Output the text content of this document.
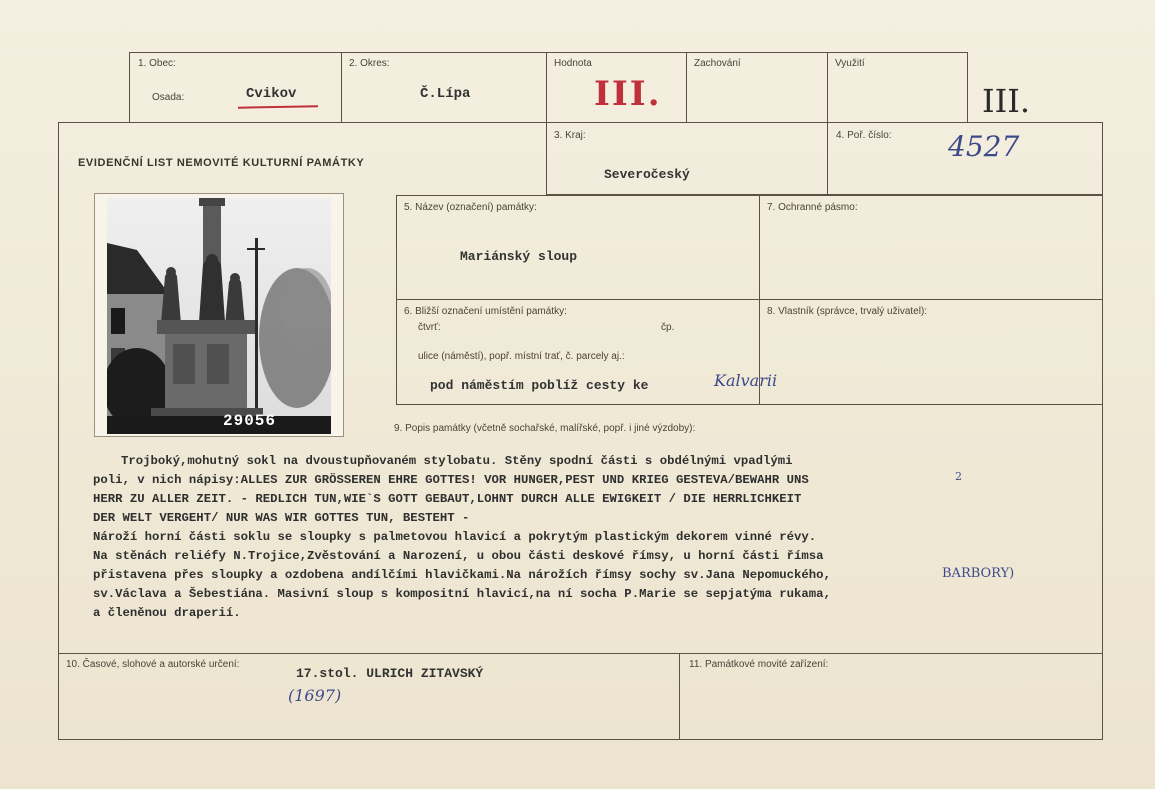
1. Obec:
Osada:	Cvikov
2. Okres:
Č.Lípa
Hodnota
III.
Zachování	Využití
III.
EVIDENČNÍ LIST NEMOVITÉ KULTURNÍ PAMÁTKY
3. Kraj:
Severočeský
4. Poř. číslo: 4527
29056
5. Název (označení) památky:
Mariánský sloup
7. Ochranné pásmo:
6. Bližší označení umístění památky:
čtvrť:	čp.
ulice (náměstí), popř. místní trať, č. parcely aj.:
pod náměstím poblíž cesty ke	Kalvarii
8. Vlastník (správce, trvalý uživatel):
9. Popis památky (včetně sochařské, malířské, popř. i jiné výzdoby):
BARBORY)
2
Trojboký,mohutný sokl na dvoustupňovaném stylobatu. Stěny spodní části s obdélnými vpadlými
poli, v nich nápisy:ALLES ZUR GRÖSSEREN EHRE GOTTES! VOR HUNGER,PEST UND KRIEG GESTEVA/BEWAHR UNS
HERR ZU ALLER ZEIT. - REDLICH TUN,WIE`S GOTT GEBAUT,LOHNT DURCH ALLE EWIGKEIT / DIE HERRLICHKEIT
DER WELT VERGEHT/ NUR WAS WIR GOTTES TUN, BESTEHT -
Nároží horní části soklu se sloupky s palmetovou hlavicí a pokrytým plastickým dekorem vinné révy.
Na stěnách reliéfy N.Trojice,Zvěstování a Narození, u obou části deskové římsy, u horní části římsa
přistavena přes sloupky a ozdobena andílčími hlavičkami.Na nárožích římsy sochy sv.Jana Nepomuckého,
sv.Václava a Šebestiána. Masivní sloup s kompositní hlavicí,na ní socha P.Marie se sepjatýma rukama,
a členěnou draperií.
10. Časové, slohové a autorské určení:
17.stol. ULRICH ZITAVSKÝ
(1697)
11. Památkové movité zařízení:
